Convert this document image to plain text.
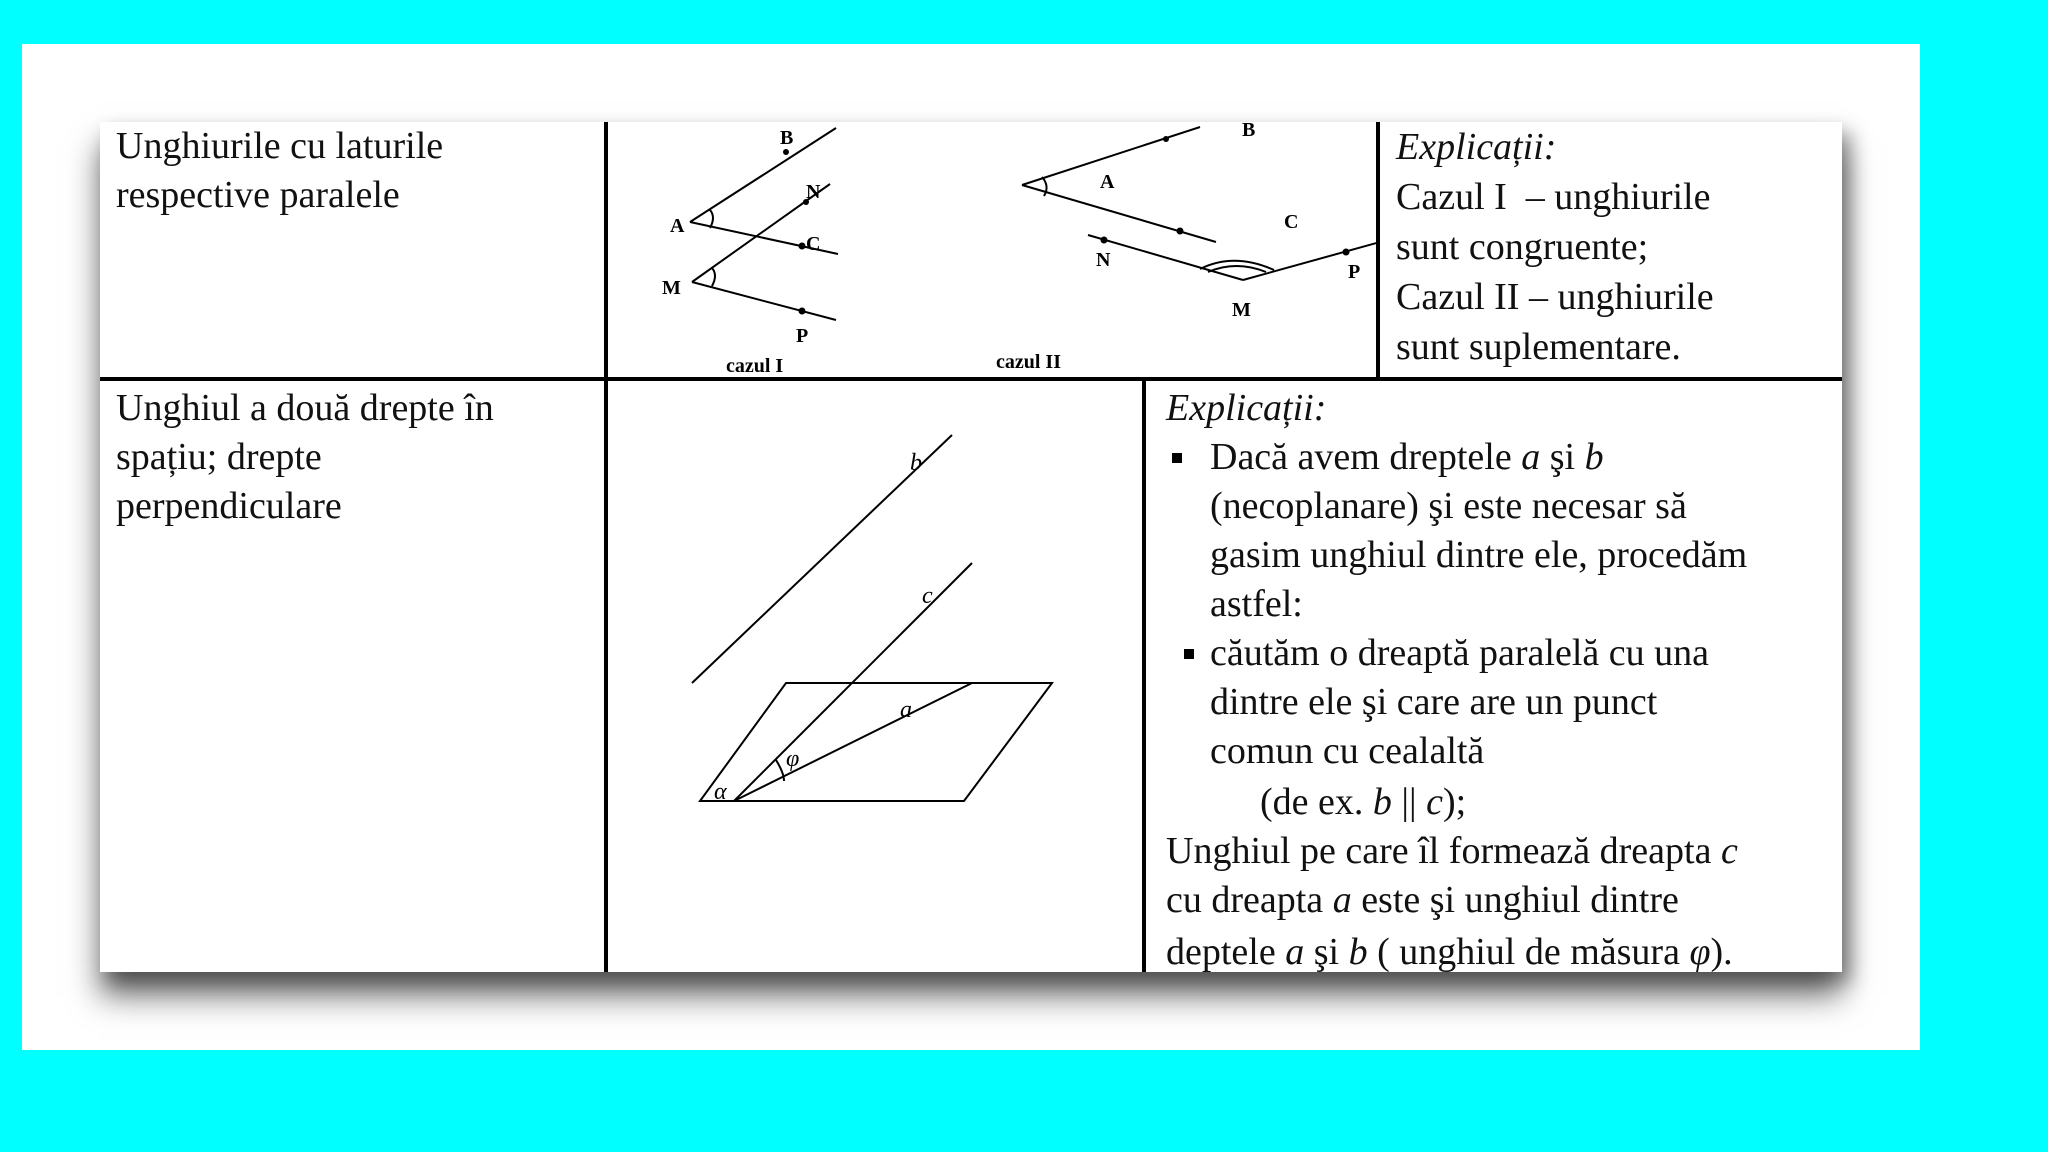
Unghiurile cu laturile
respective paralele
B
A
N
C
M
P
B
A
C
N
M
P
cazul I	cazul II
Explicații:
Cazul I  – unghiurile
sunt congruente;
Cazul II – unghiurile
sunt suplementare.
Unghiul a două drepte în
spațiu; drepte
perpendiculare
b
c
a
φ
α
Explicații:
Dacă avem dreptele a şi b
(necoplanare) şi este necesar să
gasim unghiul dintre ele, procedăm
astfel:
căutăm o dreaptă paralelă cu una
dintre ele şi care are un punct
comun cu cealaltă
(de ex. b || c);
Unghiul pe care îl formează dreapta c
cu dreapta a este şi unghiul dintre
deptele a şi b ( unghiul de măsura φ).
